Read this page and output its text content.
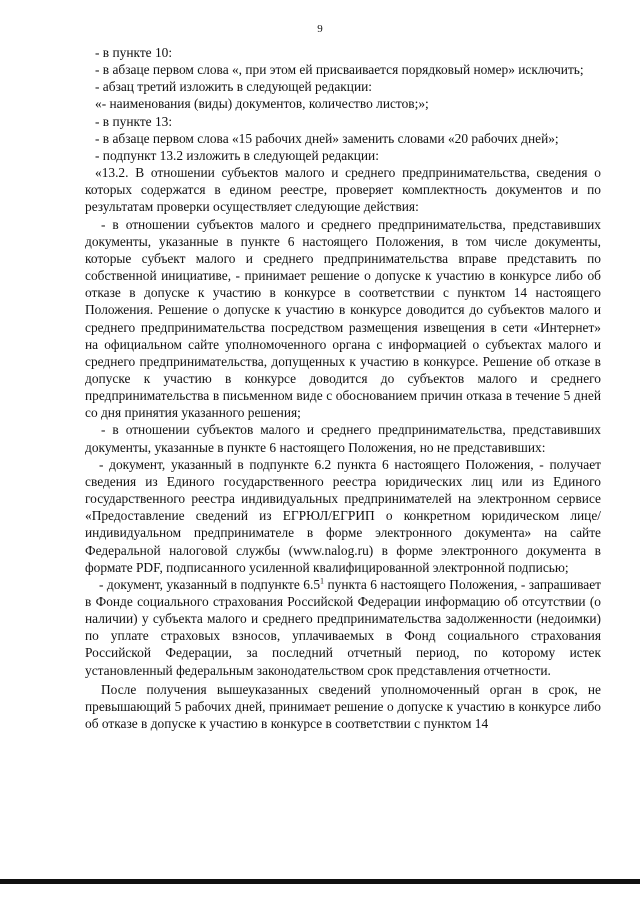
9

- в пункте 10:

- в абзаце первом слова «, при этом ей присваивается порядковый номер» исключить;

- абзац третий изложить в следующей редакции:

«- наименования (виды) документов, количество листов;»;

- в пункте 13:

- в абзаце первом слова «15 рабочих дней» заменить словами «20 рабочих дней»;

- подпункт 13.2 изложить в следующей редакции:

«13.2. В отношении субъектов малого и среднего предпринимательства, сведения о которых содержатся в едином реестре, проверяет комплектность документов и по результатам проверки осуществляет следующие действия:

- в отношении субъектов малого и среднего предпринимательства, представивших документы, указанные в пункте 6 настоящего Положения, в том числе документы, которые субъект малого и среднего предпринимательства вправе представить по собственной инициативе, - принимает решение о допуске к участию в конкурсе либо об отказе в допуске к участию в конкурсе в соответствии с пунктом 14 настоящего Положения. Решение о допуске к участию в конкурсе доводится до субъектов малого и среднего предпринимательства посредством размещения извещения в сети «Интернет» на официальном сайте уполномоченного органа с информацией о субъектах малого и среднего предпринимательства, допущенных к участию в конкурсе. Решение об отказе в допуске к участию в конкурсе доводится до субъектов малого и среднего предпринимательства в письменном виде с обоснованием причин отказа в течение 5 дней со дня принятия указанного решения;

- в отношении субъектов малого и среднего предпринимательства, представивших документы, указанные в пункте 6 настоящего Положения, но не представивших:

- документ, указанный в подпункте 6.2 пункта 6 настоящего Положения, - получает сведения из Единого государственного реестра юридических лиц или из Единого государственного реестра индивидуальных предпринимателей на электронном сервисе «Предоставление сведений из ЕГРЮЛ/ЕГРИП о конкретном юридическом лице/индивидуальном предпринимателе в форме электронного документа» на сайте Федеральной налоговой службы (www.nalog.ru) в форме электронного документа в формате PDF, подписанного усиленной квалифицированной электронной подписью;

- документ, указанный в подпункте $6.5^1$ пункта 6 настоящего Положения, - запрашивает в Фонде социального страхования Российской Федерации информацию об отсутствии (о наличии) у субъекта малого и среднего предпринимательства задолженности (недоимки) по уплате страховых взносов, уплачиваемых в Фонд социального страхования Российской Федерации, за последний отчетный период, по которому истек установленный федеральным законодательством срок представления отчетности.

После получения вышеуказанных сведений уполномоченный орган в срок, не превышающий 5 рабочих дней, принимает решение о допуске к участию в конкурсе либо об отказе в допуске к участию в конкурсе в соответствии с пунктом 14
